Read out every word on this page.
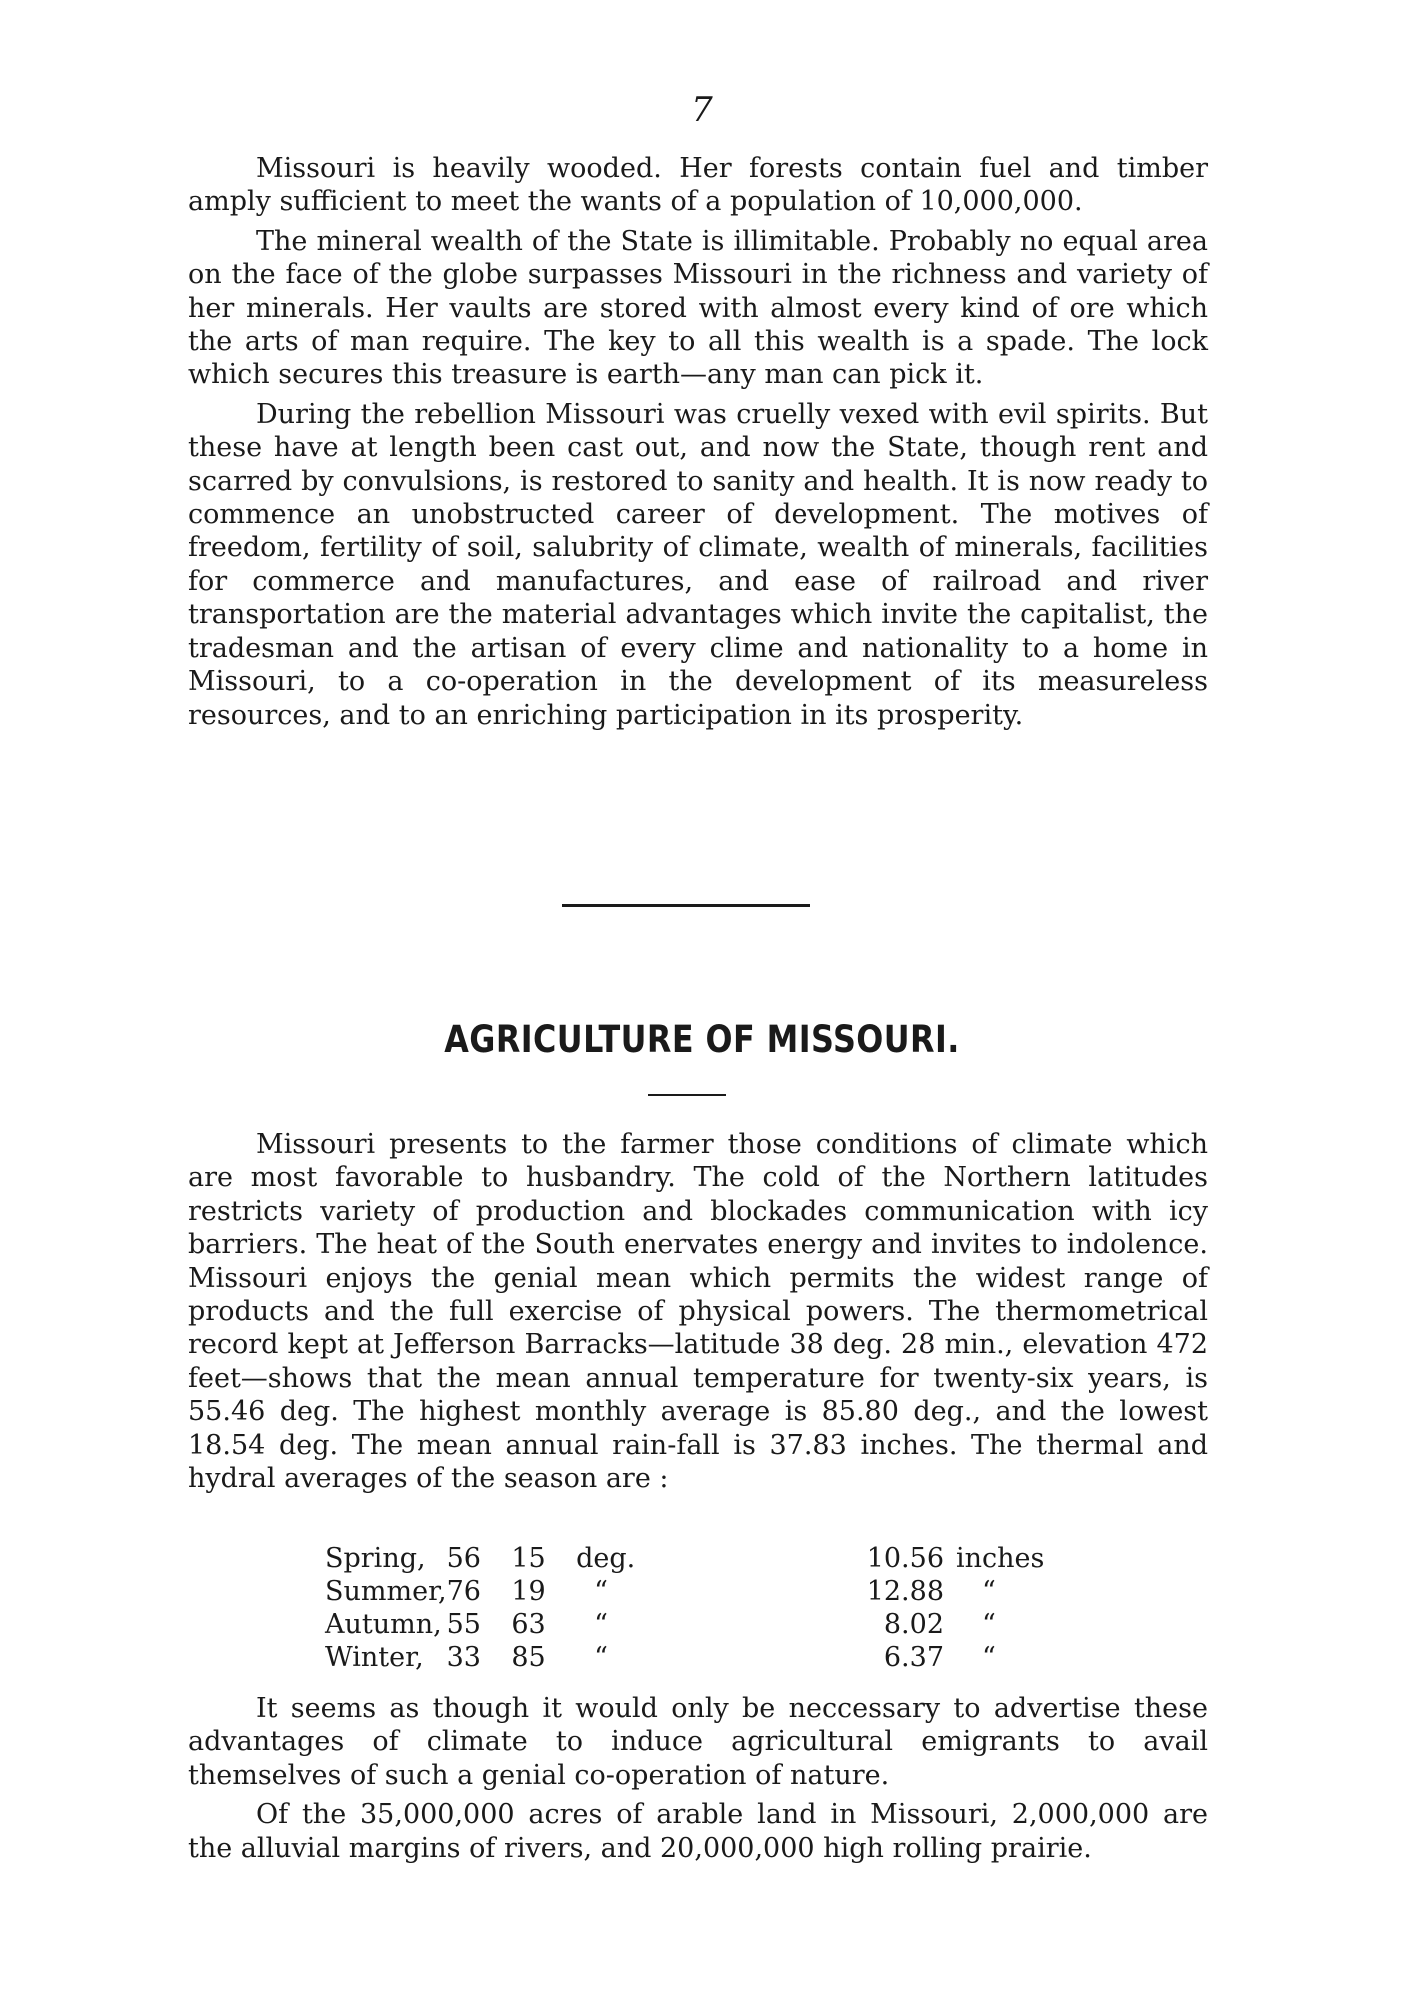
7

Missouri is heavily wooded. Her forests contain fuel and timber amply sufficient to meet the wants of a population of 10,000,000.

The mineral wealth of the State is illimitable. Probably no equal area on the face of the globe surpasses Missouri in the richness and variety of her minerals. Her vaults are stored with almost every kind of ore which the arts of man require. The key to all this wealth is a spade. The lock which secures this treasure is earth—any man can pick it.

During the rebellion Missouri was cruelly vexed with evil spirits. But these have at length been cast out, and now the State, though rent and scarred by convulsions, is restored to sanity and health. It is now ready to commence an unobstructed career of development. The motives of freedom, fertility of soil, salubrity of climate, wealth of minerals, facilities for commerce and manufactures, and ease of railroad and river transportation are the material advantages which invite the capitalist, the tradesman and the artisan of every clime and nationality to a home in Missouri, to a co-operation in the development of its measureless resources, and to an enriching participation in its prosperity.

AGRICULTURE OF MISSOURI.

Missouri presents to the farmer those conditions of climate which are most favorable to husbandry. The cold of the Northern latitudes restricts variety of production and blockades communication with icy barriers. The heat of the South enervates energy and invites to indolence. Missouri enjoys the genial mean which permits the widest range of products and the full exercise of physical powers. The thermometrical record kept at Jefferson Barracks—latitude 38 deg. 28 min., elevation 472 feet—shows that the mean annual temperature for twenty-six years, is 55.46 deg. The highest monthly average is 85.80 deg., and the lowest 18.54 deg. The mean annual rain-fall is 37.83 inches. The thermal and hydral averages of the season are :

Spring,	56	15	deg.	10.56	inches
Summer,	76	19	“	12.88	“
Autumn,	55	63	“	8.02	“
Winter,	33	85	“	6.37	“

It seems as though it would only be neccessary to advertise these advantages of climate to induce agricultural emigrants to avail themselves of such a genial co-operation of nature.

Of the 35,000,000 acres of arable land in Missouri, 2,000,000 are the alluvial margins of rivers, and 20,000,000 high rolling prairie.
